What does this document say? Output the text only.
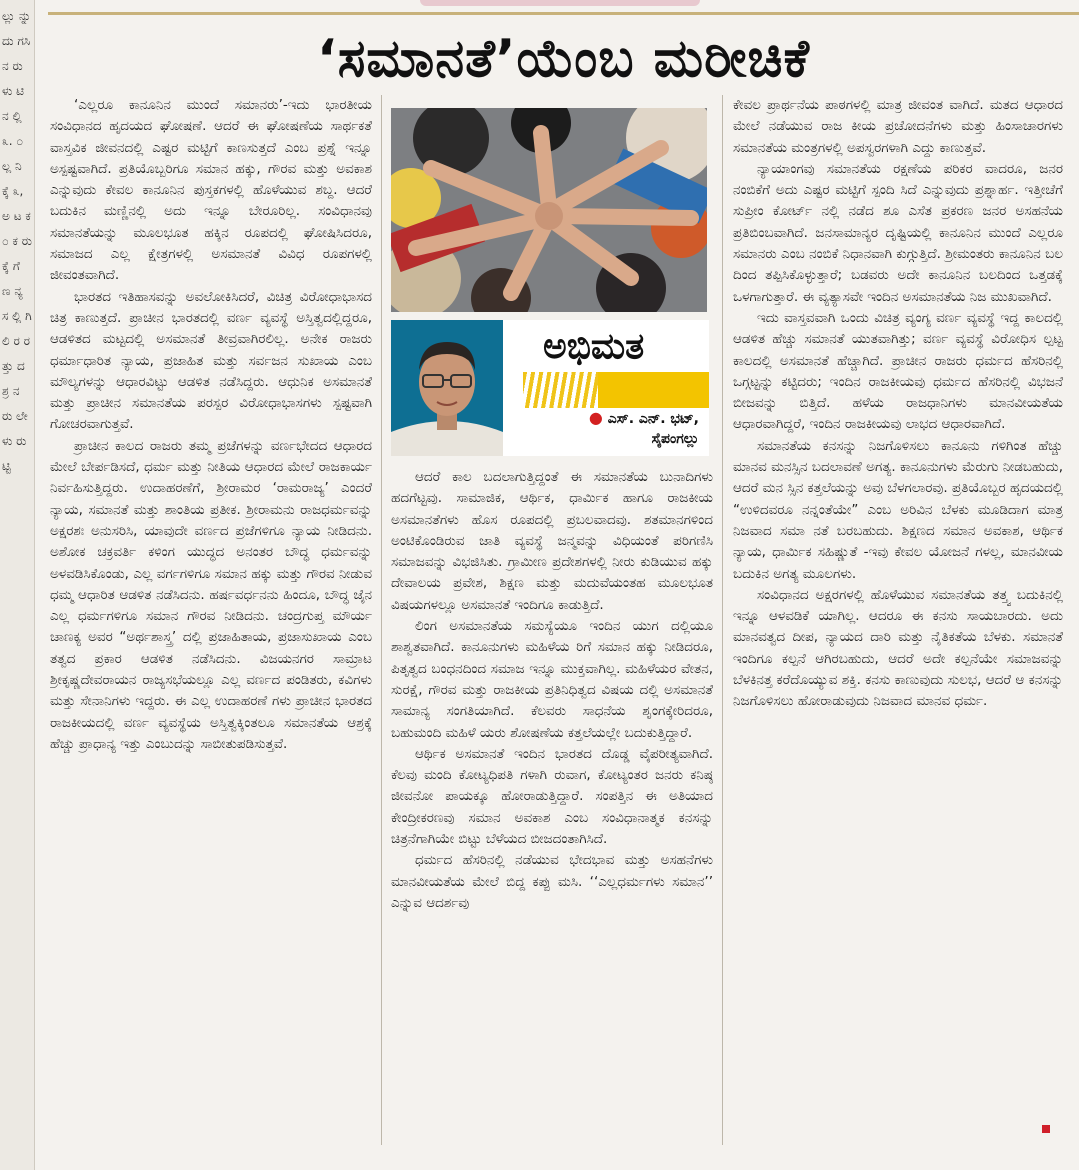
ಲ್ಲು ನ್ನು ದು ಗಸಿ ನ ರು ಳು ಟಿ ನ ಲ್ಲಿ ೩. ೦ ಲ್ಲ ನಿ ಕ್ಕೆ ೩, ಅ ಟ ಕ ೦ ಕ ರು ಕ್ಕೆ ಗೆ ಣ ನ್ಯ ಸ ಲ್ಲಿ ಗಿ ಲಿ ರ ರ ತ್ತು ದ ಶ್ರ ನ ರು ಲೇ ಳು ರು ಟ್ಟಿ

‘ಸಮಾನತೆ’ಯೆಂಬ ಮರೀಚಿಕೆ

‘ಎಲ್ಲರೂ ಕಾನೂನಿನ ಮುಂದೆ ಸಮಾನರು’-ಇದು ಭಾರತೀಯ ಸಂವಿಧಾನದ ಹೃದಯದ ಘೋಷಣೆ. ಆದರೆ ಈ ಘೋಷಣೆಯ ಸಾರ್ಥಕತೆ ವಾಸ್ತವಿಕ ಜೀವನದಲ್ಲಿ ಎಷ್ಟರ ಮಟ್ಟಿಗೆ ಕಾಣಸುತ್ತದೆ ಎಂಬ ಪ್ರಶ್ನೆ ಇನ್ನೂ ಅಸ್ಪಷ್ಟವಾಗಿದೆ. ಪ್ರತಿಯೊಬ್ಬರಿಗೂ ಸಮಾನ ಹಕ್ಕು, ಗೌರವ ಮತ್ತು ಅವಕಾಶ ಎನ್ನುವುದು ಕೇವಲ ಕಾನೂನಿನ ಪುಸ್ತಕಗಳಲ್ಲಿ ಹೊಳೆಯುವ ಶಬ್ದ. ಆದರೆ ಬದುಕಿನ ಮಣ್ಣಿನಲ್ಲಿ ಅದು ಇನ್ನೂ ಬೇರೂರಿಲ್ಲ. ಸಂವಿಧಾನವು ಸಮಾನತೆಯನ್ನು ಮೂಲಭೂತ ಹಕ್ಕಿನ ರೂಪದಲ್ಲಿ ಘೋಷಿಸಿದರೂ, ಸಮಾಜದ ಎಲ್ಲ ಕ್ಷೇತ್ರಗಳಲ್ಲಿ ಅಸಮಾನತೆ ವಿವಿಧ ರೂಪಗಳಲ್ಲಿ ಜೀವಂತವಾಗಿದೆ.

ಭಾರತದ ಇತಿಹಾಸವನ್ನು ಅವಲೋಕಿಸಿದರೆ, ವಿಚಿತ್ರ ವಿರೋಧಾಭಾಸದ ಚಿತ್ರ ಕಾಣುತ್ತದೆ. ಪ್ರಾಚೀನ ಭಾರತದಲ್ಲಿ ವರ್ಣ ವ್ಯವಸ್ಥೆ ಅಸ್ತಿತ್ವದಲ್ಲಿದ್ದರೂ, ಆಡಳಿತದ ಮಟ್ಟದಲ್ಲಿ ಅಸಮಾನತೆ ತೀವ್ರವಾಗಿರಲಿಲ್ಲ. ಅನೇಕ ರಾಜರು ಧರ್ಮಾಧಾರಿತ ನ್ಯಾಯ, ಪ್ರಜಾಹಿತ ಮತ್ತು ಸರ್ವಜನ ಸುಖಾಯ ಎಂಬ ಮೌಲ್ಯಗಳನ್ನು ಆಧಾರವಿಟ್ಟು ಆಡಳಿತ ನಡೆಸಿದ್ದರು. ಆಧುನಿಕ ಅಸಮಾನತೆ ಮತ್ತು ಪ್ರಾಚೀನ ಸಮಾನತೆಯ ಪರಸ್ಪರ ವಿರೋಧಾಭಾಸಗಳು ಸ್ಪಷ್ಟವಾಗಿ ಗೋಚರವಾಗುತ್ತವೆ.

ಪ್ರಾಚೀನ ಕಾಲದ ರಾಜರು ತಮ್ಮ ಪ್ರಜೆಗಳನ್ನು ವರ್ಣಭೇದದ ಆಧಾರದ ಮೇಲೆ ಬೇರ್ಪಡಿಸದೆ, ಧರ್ಮ ಮತ್ತು ನೀತಿಯ ಆಧಾರದ ಮೇಲೆ ರಾಜಕಾರ್ಯ ನಿರ್ವಹಿಸುತ್ತಿದ್ದರು. ಉದಾಹರಣೆಗೆ, ಶ್ರೀರಾಮರ ‘ರಾಮರಾಜ್ಯ’ ಎಂದರೆ ನ್ಯಾಯ, ಸಮಾನತೆ ಮತ್ತು ಶಾಂತಿಯ ಪ್ರತೀಕ. ಶ್ರೀರಾಮನು ರಾಜಧರ್ಮವನ್ನು ಅಕ್ಷರಶಃ ಅನುಸರಿಸಿ, ಯಾವುದೇ ವರ್ಣದ ಪ್ರಜೆಗಳಿಗೂ ನ್ಯಾಯ ನೀಡಿದನು. ಅಶೋಕ ಚಕ್ರವರ್ತಿ ಕಳಿಂಗ ಯುದ್ಧದ ಅನಂತರ ಬೌದ್ಧ ಧರ್ಮವನ್ನು ಅಳವಡಿಸಿಕೊಂಡು, ಎಲ್ಲ ವರ್ಗಗಳಿಗೂ ಸಮಾನ ಹಕ್ಕು ಮತ್ತು ಗೌರವ ನೀಡುವ ಧಮ್ಮ ಆಧಾರಿತ ಆಡಳಿತ ನಡೆಸಿದನು. ಹರ್ಷವರ್ಧನನು ಹಿಂದೂ, ಬೌದ್ಧ ಜೈನ ಎಲ್ಲ ಧರ್ಮಗಳಿಗೂ ಸಮಾನ ಗೌರವ ನೀಡಿದನು. ಚಂದ್ರಗುಪ್ತ ಮೌರ್ಯ ಚಾಣಕ್ಯ ಅವರ “ಅರ್ಥಶಾಸ್ತ್ರ’ ದಲ್ಲಿ ಪ್ರಜಾಹಿತಾಯ, ಪ್ರಜಾಸುಖಾಯ ಎಂಬ ತತ್ವದ ಪ್ರಕಾರ ಆಡಳಿತ ನಡೆಸಿದನು. ವಿಜಯನಗರ ಸಾಮ್ರಾಟ ಶ್ರೀಕೃಷ್ಣದೇವರಾಯನ ರಾಜ್ಯಸಭೆಯಲ್ಲೂ ಎಲ್ಲ ವರ್ಣದ ಪಂಡಿತರು, ಕವಿಗಳು ಮತ್ತು ಸೇನಾನಿಗಳು ಇದ್ದರು. ಈ ಎಲ್ಲ ಉದಾಹರಣೆ ಗಳು ಪ್ರಾಚೀನ ಭಾರತದ ರಾಜಕೀಯದಲ್ಲಿ ವರ್ಣ ವ್ಯವಸ್ಥೆಯ ಅಸ್ತಿತ್ವಕ್ಕಿಂತಲೂ ಸಮಾನತೆಯ ಆಶ್ರಕ್ಕೆ ಹೆಚ್ಚು ಪ್ರಾಧಾನ್ಯ ಇತ್ತು ಎಂಬುದನ್ನು ಸಾಬೀತುಪಡಿಸುತ್ತವೆ.

ಅಭಿಮತ
● ಎಸ್. ಎನ್. ಭಟ್,
ಸೈಪಂಗಲ್ಲು

ಆದರೆ ಕಾಲ ಬದಲಾಗುತ್ತಿದ್ದಂತೆ ಈ ಸಮಾನತೆಯ ಬುನಾದಿಗಳು ಹದಗೆಟ್ಟವು. ಸಾಮಾಜಿಕ, ಆರ್ಥಿಕ, ಧಾರ್ಮಿಕ ಹಾಗೂ ರಾಜಕೀಯ ಅಸಮಾನತೆಗಳು ಹೊಸ ರೂಪದಲ್ಲಿ ಪ್ರಬಲವಾದವು. ಶತಮಾನಗಳಿಂದ ಅಂಟಿಕೊಂಡಿರುವ ಜಾತಿ ವ್ಯವಸ್ಥೆ ಜನ್ಮವನ್ನು ವಿಧಿಯಂತೆ ಪರಿಗಣಿಸಿ ಸಮಾಜವನ್ನು ವಿಭಜಿಸಿತು. ಗ್ರಾಮೀಣ ಪ್ರದೇಶಗಳಲ್ಲಿ ನೀರು ಕುಡಿಯುವ ಹಕ್ಕು ದೇವಾಲಯ ಪ್ರವೇಶ, ಶಿಕ್ಷಣ ಮತ್ತು ಮದುವೆಯಂತಹ ಮೂಲಭೂತ ವಿಷಯಗಳಲ್ಲೂ ಅಸಮಾನತೆ ಇಂದಿಗೂ ಕಾಡುತ್ತಿದೆ.

ಲಿಂಗ ಅಸಮಾನತೆಯ ಸಮಸ್ಯೆಯೂ ಇಂದಿನ ಯುಗ ದಲ್ಲಿಯೂ ಶಾಶ್ವತವಾಗಿದೆ. ಕಾನೂನುಗಳು ಮಹಿಳೆಯ ರಿಗೆ ಸಮಾನ ಹಕ್ಕು ನೀಡಿದರೂ, ಪಿತೃತ್ವದ ಬಂಧನದಿಂದ ಸಮಾಜ ಇನ್ನೂ ಮುಕ್ತವಾಗಿಲ್ಲ. ಮಹಿಳೆಯರ ವೇತನ, ಸುರಕ್ಷೆ, ಗೌರವ ಮತ್ತು ರಾಜಕೀಯ ಪ್ರತಿನಿಧಿತ್ವದ ವಿಷಯ ದಲ್ಲಿ ಅಸಮಾನತೆ ಸಾಮಾನ್ಯ ಸಂಗತಿಯಾಗಿದೆ. ಕೆಲವರು ಸಾಧನೆಯ ಶೃಂಗಕ್ಕೇರಿದರೂ, ಬಹುಮಂದಿ ಮಹಿಳೆ ಯರು ಶೋಷಣೆಯ ಕತ್ತಲೆಯಲ್ಲೇ ಬದುಕುತ್ತಿದ್ದಾರೆ.

ಆರ್ಥಿಕ ಅಸಮಾನತೆ ಇಂದಿನ ಭಾರತದ ದೊಡ್ಡ ವೈಪರೀತ್ಯವಾಗಿದೆ. ಕೆಲವು ಮಂದಿ ಕೋಟ್ಯಧಿಪತಿ ಗಳಾಗಿ ರುವಾಗ, ಕೋಟ್ಯಂತರ ಜನರು ಕನಿಷ್ಠ ಜೀವನೋ ಪಾಯಕ್ಕೂ ಹೋರಾಡುತ್ತಿದ್ದಾರೆ. ಸಂಪತ್ತಿನ ಈ ಅತಿಯಾದ ಕೇಂದ್ರೀಕರಣವು ಸಮಾನ ಅವಕಾಶ ಎಂಬ ಸಂವಿಧಾನಾತ್ಮಕ ಕನಸನ್ನು ಚಿತ್ರನೆಗಾಗಿಯೇ ಬಿಟ್ಟು ಬೆಳೆಯದ ಬೀಜದಂತಾಗಿಸಿದೆ.

ಧರ್ಮದ ಹೆಸರಿನಲ್ಲಿ ನಡೆಯುವ ಭೇದಭಾವ ಮತ್ತು ಅಸಹನೆಗಳು ಮಾನವೀಯತೆಯ ಮೇಲೆ ಬಿದ್ದ ಕಪ್ಪು ಮಸಿ. ‘‘ಎಲ್ಲಧರ್ಮಗಳು ಸಮಾನ’’ ಎನ್ನುವ ಆದರ್ಶವು

ಕೇವಲ ಪ್ರಾರ್ಥನೆಯ ಪಾಠಗಳಲ್ಲಿ ಮಾತ್ರ ಜೀವಂತ ವಾಗಿದೆ. ಮತದ ಆಧಾರದ ಮೇಲೆ ನಡೆಯುವ ರಾಜ ಕೀಯ ಪ್ರಚೋದನೆಗಳು ಮತ್ತು ಹಿಂಸಾಚಾರಗಳು ಸಮಾನತೆಯ ಮಂತ್ರಗಳಲ್ಲಿ ಅಪಸ್ವರಗಳಾಗಿ ಎದ್ದು ಕಾಣುತ್ತವೆ.

ನ್ಯಾಯಾಂಗವು ಸಮಾನತೆಯ ರಕ್ಷಣೆಯ ಪರಿಕರ ವಾದರೂ, ಜನರ ನಂಬಿಕೆಗೆ ಅದು ಎಷ್ಟರ ಮಟ್ಟಿಗೆ ಸ್ಪಂದಿ ಸಿದೆ ಎನ್ನುವುದು ಪ್ರಶ್ನಾರ್ಹ. ಇತ್ತೀಚೆಗೆ ಸುಪ್ರೀಂ ಕೋರ್ಟ್ ನಲ್ಲಿ ನಡೆದ ಶೂ ಎಸೆತ ಪ್ರಕರಣ ಜನರ ಅಸಹನೆಯ ಪ್ರತಿಬಿಂಬವಾಗಿದೆ. ಜನಸಾಮಾನ್ಯರ ದೃಷ್ಟಿಯಲ್ಲಿ ಕಾನೂನಿನ ಮುಂದೆ ಎಲ್ಲರೂ ಸಮಾನರು ಎಂಬ ನಂಬಿಕೆ ನಿಧಾನವಾಗಿ ಕುಗ್ಗುತ್ತಿದೆ. ಶ್ರೀಮಂತರು ಕಾನೂನಿನ ಬಲ ದಿಂದ ತಪ್ಪಿಸಿಕೊಳ್ಳುತ್ತಾರೆ; ಬಡವರು ಅದೇ ಕಾನೂನಿನ ಬಲದಿಂದ ಒತ್ತಡಕ್ಕೆ ಒಳಗಾಗುತ್ತಾರೆ. ಈ ವ್ಯತ್ಯಾಸವೇ ಇಂದಿನ ಅಸಮಾನತೆಯ ನಿಜ ಮುಖವಾಗಿದೆ.

ಇದು ವಾಸ್ತವವಾಗಿ ಒಂದು ವಿಚಿತ್ರ ವ್ಯಂಗ್ಯ ವರ್ಣ ವ್ಯವಸ್ಥೆ ಇದ್ದ ಕಾಲದಲ್ಲಿ ಆಡಳಿತ ಹೆಚ್ಚು ಸಮಾನತೆ ಯುತವಾಗಿತ್ತು; ವರ್ಣ ವ್ಯವಸ್ಥೆ ವಿರೋಧಿಸ ಲ್ಪಟ್ಟ ಕಾಲದಲ್ಲಿ ಅಸಮಾನತೆ ಹೆಚ್ಚಾಗಿದೆ. ಪ್ರಾಚೀನ ರಾಜರು ಧರ್ಮದ ಹೆಸರಿನಲ್ಲಿ ಒಗ್ಗಟ್ಟನ್ನು ಕಟ್ಟಿದರು; ಇಂದಿನ ರಾಜಕೀಯವು ಧರ್ಮದ ಹೆಸರಿನಲ್ಲಿ ವಿಭಜನೆ ಬೀಜವನ್ನು ಬಿತ್ತಿದೆ. ಹಳೆಯ ರಾಜಧಾನಿಗಳು ಮಾನವೀಯತೆಯ ಆಧಾರವಾಗಿದ್ದರೆ, ಇಂದಿನ ರಾಜಕೀಯವು ಲಾಭದ ಆಧಾರವಾಗಿದೆ.

ಸಮಾನತೆಯ ಕನಸನ್ನು ನಿಜಗೊಳಿಸಲು ಕಾನೂನು ಗಳಿಗಿಂತ ಹೆಚ್ಚು ಮಾನವ ಮನಸ್ಸಿನ ಬದಲಾವಣೆ ಅಗತ್ಯ. ಕಾನೂನುಗಳು ಮೆರುಗು ನೀಡಬಹುದು, ಆದರೆ ಮನ ಸ್ಸಿನ ಕತ್ತಲೆಯನ್ನು ಅವು ಬೆಳಗಲಾರವು. ಪ್ರತಿಯೊಬ್ಬರ ಹೃದಯದಲ್ಲಿ “ಉಳಿದವರೂ ನನ್ನಂತೆಯೇ” ಎಂಬ ಅರಿವಿನ ಬೆಳಕು ಮೂಡಿದಾಗ ಮಾತ್ರ ನಿಜವಾದ ಸಮಾ ನತೆ ಬರಬಹುದು. ಶಿಕ್ಷಣದ ಸಮಾನ ಅವಕಾಶ, ಆರ್ಥಿಕ ನ್ಯಾಯ, ಧಾರ್ಮಿಕ ಸಹಿಷ್ಣುತೆ -ಇವು ಕೇವಲ ಯೋಜನೆ ಗಳಲ್ಲ, ಮಾನವೀಯ ಬದುಕಿನ ಅಗತ್ಯ ಮೂಲಗಳು.

ಸಂವಿಧಾನದ ಅಕ್ಷರಗಳಲ್ಲಿ ಹೊಳೆಯುವ ಸಮಾನತೆಯ ತತ್ತ್ವ ಬದುಕಿನಲ್ಲಿ ಇನ್ನೂ ಆಳವಡಿಕೆ ಯಾಗಿಲ್ಲ. ಆದರೂ ಈ ಕನಸು ಸಾಯಬಾರದು. ಅದು ಮಾನವತ್ವದ ದೀಪ, ನ್ಯಾಯದ ದಾರಿ ಮತ್ತು ನೈತಿಕತೆಯ ಬೆಳಕು. ಸಮಾನತೆ ಇಂದಿಗೂ ಕಲ್ಪನೆ ಆಗಿರಬಹುದು, ಆದರೆ ಅದೇ ಕಲ್ಪನೆಯೇ ಸಮಾಜವನ್ನು ಬೆಳಕಿನತ್ತ ಕರೆದೊಯ್ಯುವ ಶಕ್ತಿ. ಕನಸು ಕಾಣುವುದು ಸುಲಭ, ಆದರೆ ಆ ಕನಸನ್ನು ನಿಜಗೊಳಿಸಲು ಹೋರಾಡುವುದು ನಿಜವಾದ ಮಾನವ ಧರ್ಮ.
